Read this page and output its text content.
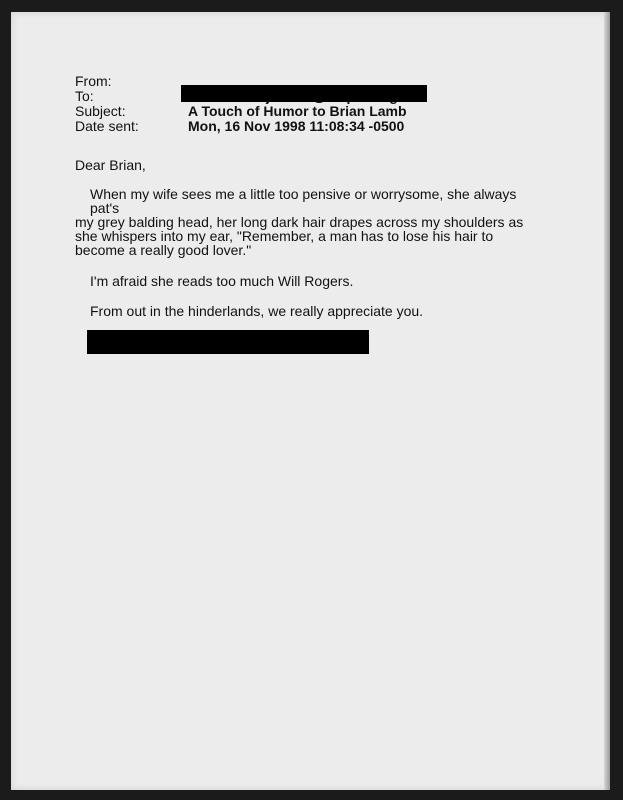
From:
To:
Subject:	A Touch of Humor to Brian Lamb
Date sent:	Mon, 16 Nov 1998 11:08:34 -0500

Dear Brian,

When my wife sees me a little too pensive or worrysome, she always

pat's

my grey balding head, her long dark hair drapes across my shoulders as

she whispers into my ear, "Remember, a man has to lose his hair to

become a really good lover."

I'm afraid she reads too much Will Rogers.

From out in the hinderlands, we really appreciate you.
